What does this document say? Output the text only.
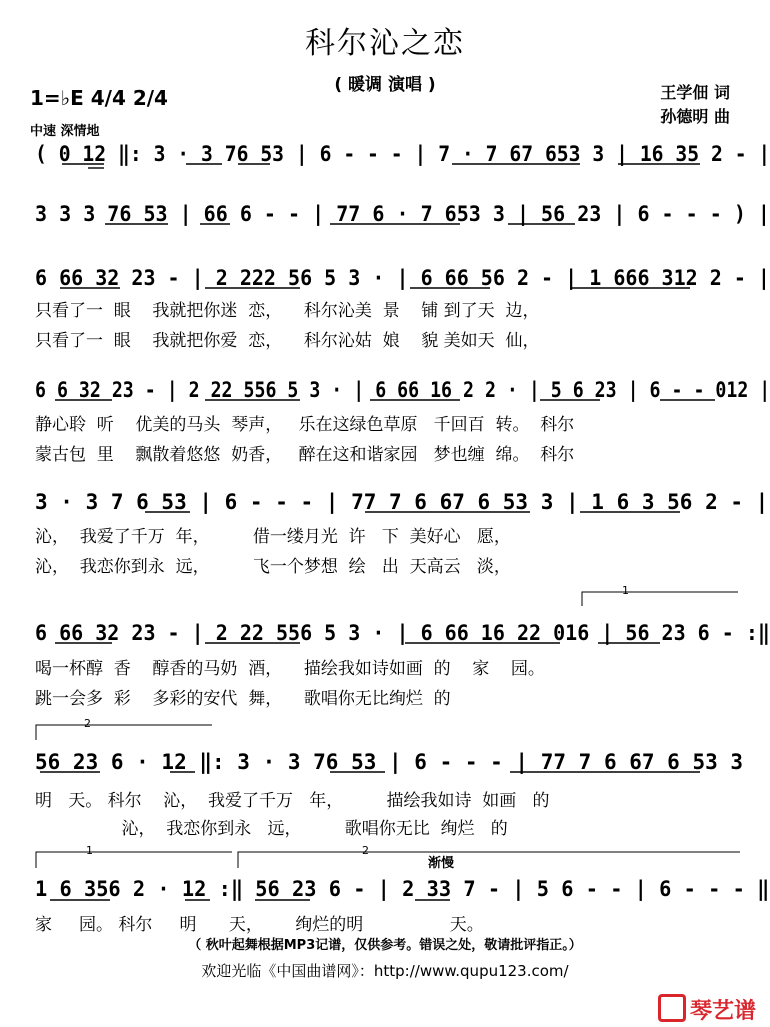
科尔沁之恋
( 暖调 演唱 )
1=♭E 4/4 2/4
中速 深情地
王学佃 词
孙德明 曲
( 0 12 ‖: 3 · 3 76 53 | 6 - - - | 7 · 7 67 653 3 | 16 35 2 - |
3 3 3 76 53 | 66 6 - - | 77 6 · 7 653 3 | 56 23 | 6 - - - ) |
6 66 32 23 - | 2 222 56 5 3 · | 6 66 56 2 - | 1 666 312 2 - |
只看了一  眼    我就把你迷  恋，    科尔沁美  景    铺 到了天  边，
只看了一  眼    我就把你爱  恋，    科尔沁姑  娘    貌 美如天  仙，
6 6 32 23 - | 2 22 556 5 3 · | 6 66 16 2 2 · | 5 6 23 | 6 - - 012 |
静心聆  听    优美的马头  琴声，   乐在这绿色草原   千回百  转。  科尔
蒙古包  里    飘散着悠悠  奶香，   醉在这和谐家园   梦也缠  绵。  科尔
3 · 3 7 6 53 | 6 - - - | 77 7 6 67 6 53 3 | 1 6 3 56 2 - |
沁，  我爱了千万  年，        借一缕月光  许   下  美好心   愿，
沁，  我恋你到永  远，        飞一个梦想  绘   出  天高云   淡，
1
6 66 32 23 - | 2 22 556 5 3 · | 6 66 16 22 016 | 56 23 6 - :‖
喝一杯醇  香    醇香的马奶  酒，    描绘我如诗如画  的    家    园。
跳一会多  彩    多彩的安代  舞，    歌唱你无比绚烂  的
2
56 23 6 · 12 ‖: 3 · 3 76 53 | 6 - - - | 77 7 6 67 6 53 3
明   天。 科尔    沁，  我爱了千万   年，        描绘我如诗  如画   的
沁，  我恋你到永   远，        歌唱你无比  绚烂   的
1	2
渐慢
1 6 356 2 · 12 :‖ 56 23 6 - | 2 33 7 - | 5 6 - - | 6 - - - ‖
家     园。 科尔     明      天，      绚烂的明                天。
（ 秋叶起舞根据MP3记谱，仅供参考。错误之处，敬请批评指正。）
欢迎光临《中国曲谱网》：http://www.qupu123.com/
琴艺谱
